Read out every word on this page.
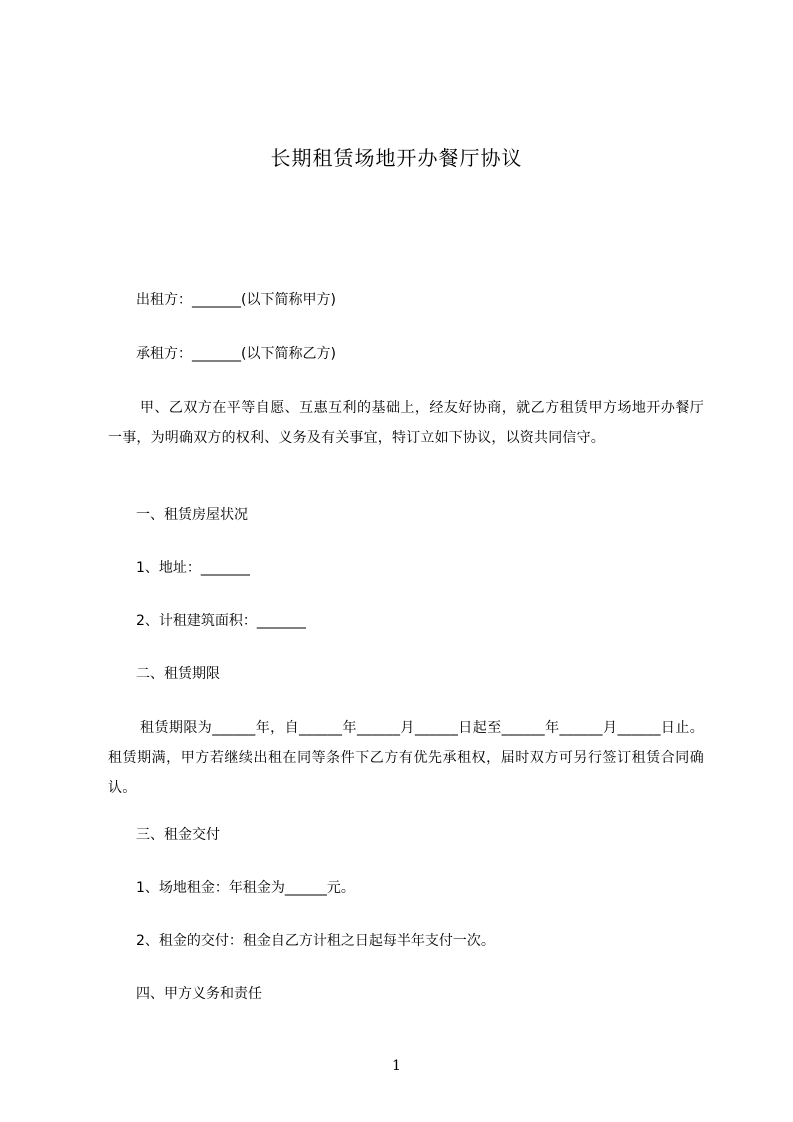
长期租赁场地开办餐厅协议
出租方：_______(以下简称甲方)
承租方：_______(以下简称乙方)
甲、乙双方在平等自愿、互惠互利的基础上，经友好协商，就乙方租赁甲方场地开办餐厅一事，为明确双方的权利、义务及有关事宜，特订立如下协议，以资共同信守。
一、租赁房屋状况
1、地址：_______
2、计租建筑面积：_______
二、租赁期限
租赁期限为______年，自______年______月______日起至______年______月______日止。租赁期满，甲方若继续出租在同等条件下乙方有优先承租权，届时双方可另行签订租赁合同确认。
三、租金交付
1、场地租金：年租金为______元。
2、租金的交付：租金自乙方计租之日起每半年支付一次。
四、甲方义务和责任
1
